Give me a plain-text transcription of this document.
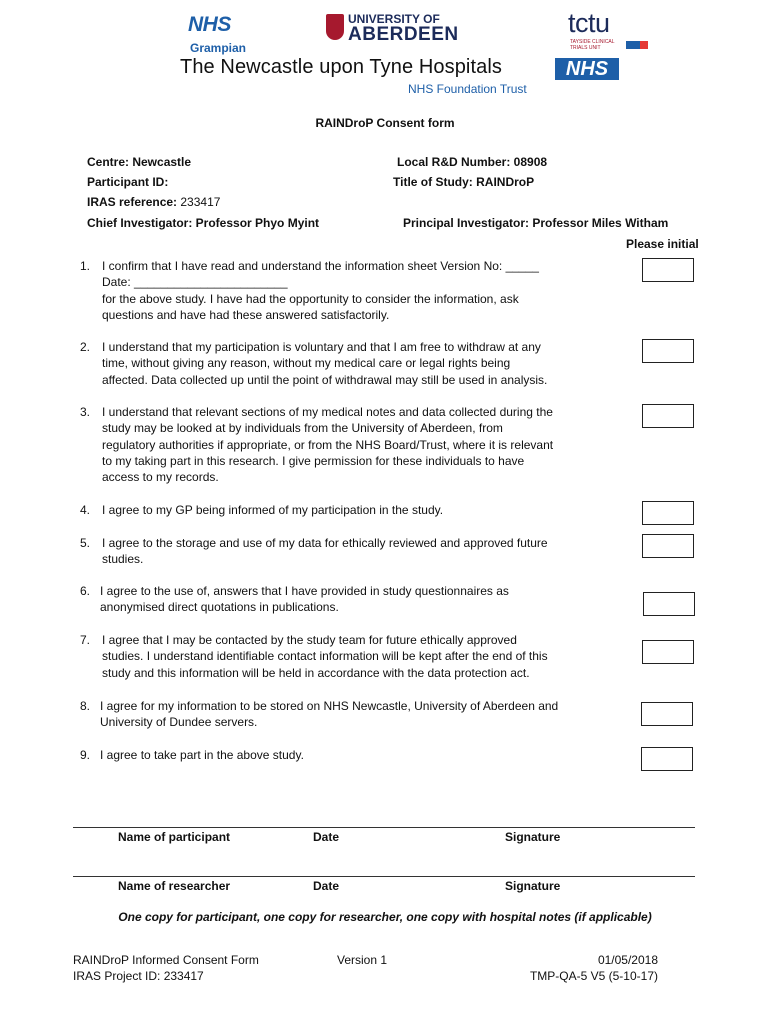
NHS
Grampian
UNIVERSITY OF
ABERDEEN	tctu
TAYSIDE CLINICAL TRIALS UNIT
The Newcastle upon Tyne Hospitals	NHS
NHS Foundation Trust
RAINDroP Consent form
Centre: Newcastle
Participant ID:
IRAS reference: 233417
Chief Investigator: Professor Phyo Myint
Local R&D Number: 08908
Title of Study: RAINDroP
Principal Investigator: Professor Miles Witham
Please initial
1. I confirm that I have read and understand the information sheet Version No: _____
Date: _______________________
for the above study. I have had the opportunity to consider the information, ask
questions and have had these answered satisfactorily.
2. I understand that my participation is voluntary and that I am free to withdraw at any
time, without giving any reason, without my medical care or legal rights being
affected. Data collected up until the point of withdrawal may still be used in analysis.
3. I understand that relevant sections of my medical notes and data collected during the
study may be looked at by individuals from the University of Aberdeen, from
regulatory authorities if appropriate, or from the NHS Board/Trust, where it is relevant
to my taking part in this research. I give permission for these individuals to have
access to my records.
4. I agree to my GP being informed of my participation in the study.
5. I agree to the storage and use of my data for ethically reviewed and approved future
studies.
6. I agree to the use of, answers that I have provided in study questionnaires as
anonymised direct quotations in publications.
7. I agree that I may be contacted by the study team for future ethically approved
studies. I understand identifiable contact information will be kept after the end of this
study and this information will be held in accordance with the data protection act.
8. I agree for my information to be stored on NHS Newcastle, University of Aberdeen and
University of Dundee servers.
9. I agree to take part in the above study.
Name of participant	Date	Signature
Name of researcher	Date	Signature
One copy for participant, one copy for researcher, one copy with hospital notes (if applicable)
RAINDroP Informed Consent Form
IRAS Project ID: 233417
Version 1	01/05/2018
TMP-QA-5 V5 (5-10-17)
